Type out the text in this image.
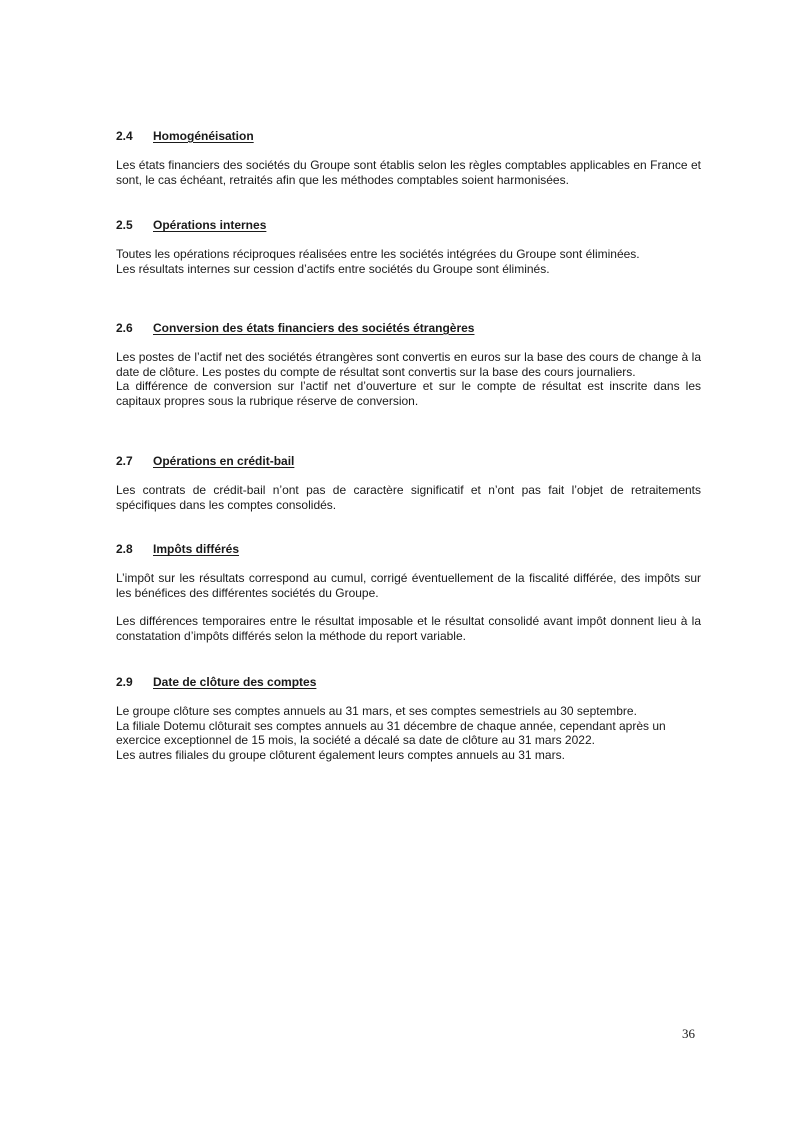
2.4 Homogénéisation

Les états financiers des sociétés du Groupe sont établis selon les règles comptables applicables en France et sont, le cas échéant, retraités afin que les méthodes comptables soient harmonisées.

2.5 Opérations internes
Toutes les opérations réciproques réalisées entre les sociétés intégrées du Groupe sont éliminées.
Les résultats internes sur cession d’actifs entre sociétés du Groupe sont éliminés.
2.6 Conversion des états financiers des sociétés étrangères

Les postes de l’actif net des sociétés étrangères sont convertis en euros sur la base des cours de change à la date de clôture. Les postes du compte de résultat sont convertis sur la base des cours journaliers.

La différence de conversion sur l’actif net d’ouverture et sur le compte de résultat est inscrite dans les capitaux propres sous la rubrique réserve de conversion.

2.7 Opérations en crédit-bail

Les contrats de crédit-bail n’ont pas de caractère significatif et n’ont pas fait l’objet de retraitements spécifiques dans les comptes consolidés.

2.8 Impôts différés

L’impôt sur les résultats correspond au cumul, corrigé éventuellement de la fiscalité différée, des impôts sur les bénéfices des différentes sociétés du Groupe.

Les différences temporaires entre le résultat imposable et le résultat consolidé avant impôt donnent lieu à la constatation d’impôts différés selon la méthode du report variable.

2.9 Date de clôture des comptes
Le groupe clôture ses comptes annuels au 31 mars, et ses comptes semestriels au 30 septembre.
La filiale Dotemu clôturait ses comptes annuels au 31 décembre de chaque année, cependant après un
exercice exceptionnel de 15 mois, la société a décalé sa date de clôture au 31 mars 2022.
Les autres filiales du groupe clôturent également leurs comptes annuels au 31 mars.
36
